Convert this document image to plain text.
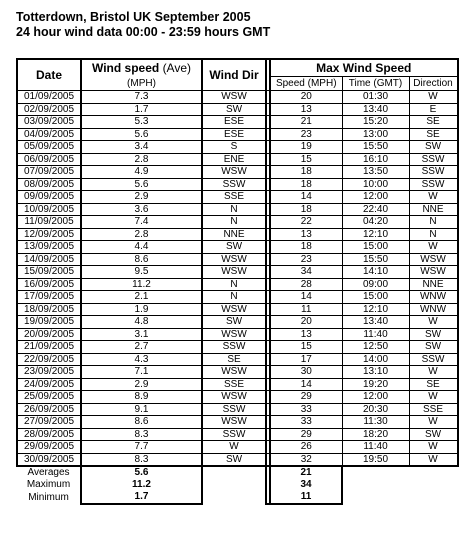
Totterdown, Bristol UK September 2005
24 hour wind data 00:00 - 23:59 hours GMT
Date	Wind speed (Ave)	Wind Dir		Max Wind Speed		
	(MPH)			Speed (MPH)	Time (GMT)	Direction
01/09/2005	7.3	WSW		20	01:30	W
02/09/2005	1.7	SW		13	13:40	E
03/09/2005	5.3	ESE		21	15:20	SE
04/09/2005	5.6	ESE		23	13:00	SE
05/09/2005	3.4	S		19	15:50	SW
06/09/2005	2.8	ENE		15	16:10	SSW
07/09/2005	4.9	WSW		18	13:50	SSW
08/09/2005	5.6	SSW		18	10:00	SSW
09/09/2005	2.9	SSE		14	12:00	W
10/09/2005	3.6	N		18	22:40	NNE
11/09/2005	7.4	N		22	04:20	N
12/09/2005	2.8	NNE		13	12:10	N
13/09/2005	4.4	SW		18	15:00	W
14/09/2005	8.6	WSW		23	15:50	WSW
15/09/2005	9.5	WSW		34	14:10	WSW
16/09/2005	11.2	N		28	09:00	NNE
17/09/2005	2.1	N		14	15:00	WNW
18/09/2005	1.9	WSW		11	12:10	WNW
19/09/2005	4.8	SW		20	13:40	W
20/09/2005	3.1	WSW		13	11:40	SW
21/09/2005	2.7	SSW		15	12:50	SW
22/09/2005	4.3	SE		17	14:00	SSW
23/09/2005	7.1	WSW		30	13:10	W
24/09/2005	2.9	SSE		14	19:20	SE
25/09/2005	8.9	WSW		29	12:00	W
26/09/2005	9.1	SSW		33	20:30	SSE
27/09/2005	8.6	WSW		33	11:30	W
28/09/2005	8.3	SSW		29	18:20	SW
29/09/2005	7.7	W		26	11:40	W
30/09/2005	8.3	SW		32	19:50	W
Averages	5.6			21		
Maximum	11.2			34		
Minimum	1.7			11		
